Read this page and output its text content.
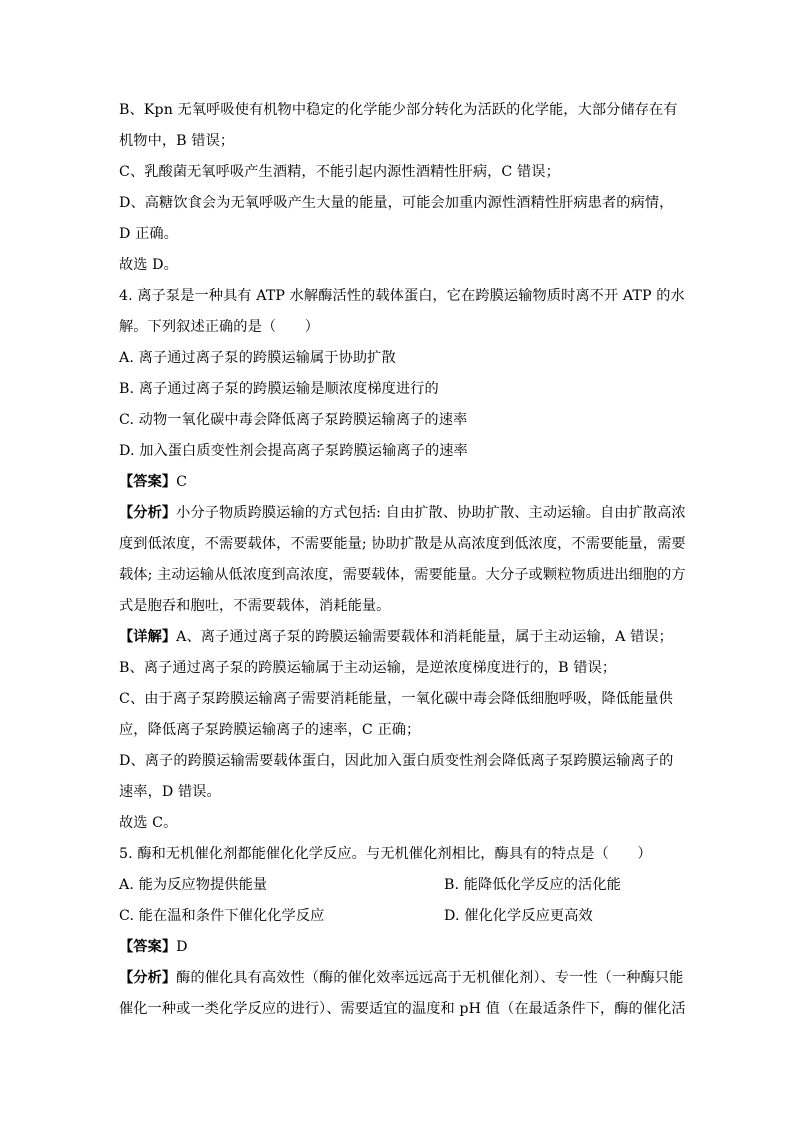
B、Kpn 无氧呼吸使有机物中稳定的化学能少部分转化为活跃的化学能，大部分储存在有
机物中，B 错误；
C、乳酸菌无氧呼吸产生酒精，不能引起内源性酒精性肝病，C 错误；
D、高糖饮食会为无氧呼吸产生大量的能量，可能会加重内源性酒精性肝病患者的病情，
D 正确。
故选 D。
4. 离子泵是一种具有 ATP 水解酶活性的载体蛋白，它在跨膜运输物质时离不开 ATP 的水
解。下列叙述正确的是（　　）
A. 离子通过离子泵的跨膜运输属于协助扩散
B. 离子通过离子泵的跨膜运输是顺浓度梯度进行的
C. 动物一氧化碳中毒会降低离子泵跨膜运输离子的速率
D. 加入蛋白质变性剂会提高离子泵跨膜运输离子的速率
【答案】C
【分析】小分子物质跨膜运输的方式包括: 自由扩散、协助扩散、主动运输。自由扩散高浓
度到低浓度，不需要载体，不需要能量; 协助扩散是从高浓度到低浓度，不需要能量，需要
载体; 主动运输从低浓度到高浓度，需要载体，需要能量。大分子或颗粒物质进出细胞的方
式是胞吞和胞吐，不需要载体，消耗能量。
【详解】A、离子通过离子泵的跨膜运输需要载体和消耗能量，属于主动运输，A 错误；
B、离子通过离子泵的跨膜运输属于主动运输，是逆浓度梯度进行的，B 错误；
C、由于离子泵跨膜运输离子需要消耗能量，一氧化碳中毒会降低细胞呼吸，降低能量供
应，降低离子泵跨膜运输离子的速率，C 正确；
D、离子的跨膜运输需要载体蛋白，因此加入蛋白质变性剂会降低离子泵跨膜运输离子的
速率，D 错误。
故选 C。
5. 酶和无机催化剂都能催化化学反应。与无机催化剂相比，酶具有的特点是（　　）
A. 能为反应物提供能量	B. 能降低化学反应的活化能
C. 能在温和条件下催化化学反应	D. 催化化学反应更高效
【答案】D
【分析】酶的催化具有高效性（酶的催化效率远远高于无机催化剂）、专一性（一种酶只能
催化一种或一类化学反应的进行）、需要适宜的温度和 pH 值（在最适条件下，酶的催化活
